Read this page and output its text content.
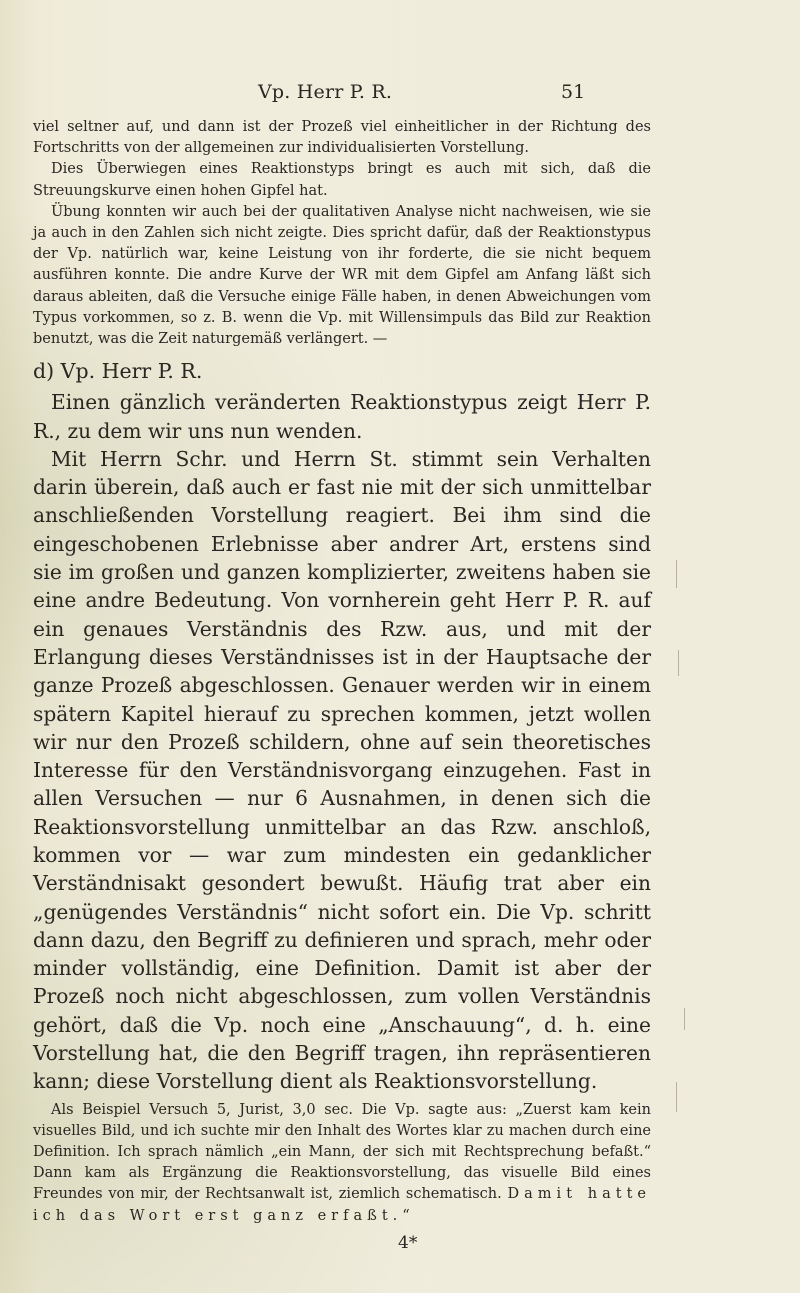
Vp. Herr P. R.	51

viel seltner auf, und dann ist der Prozeß viel einheitlicher in der Richtung des Fortschritts von der allgemeinen zur individualisierten Vorstellung.

Dies Überwiegen eines Reaktionstyps bringt es auch mit sich, daß die Streuungskurve einen hohen Gipfel hat.

Übung konnten wir auch bei der qualitativen Analyse nicht nachweisen, wie sie ja auch in den Zahlen sich nicht zeigte. Dies spricht dafür, daß der Reaktionstypus der Vp. natürlich war, keine Leistung von ihr forderte, die sie nicht bequem ausführen konnte. Die andre Kurve der WR mit dem Gipfel am Anfang läßt sich daraus ableiten, daß die Versuche einige Fälle haben, in denen Abweichungen vom Typus vorkommen, so z. B. wenn die Vp. mit Willensimpuls das Bild zur Reaktion benutzt, was die Zeit naturgemäß verlängert. —

d) Vp. Herr P. R.

Einen gänzlich veränderten Reaktionstypus zeigt Herr P. R., zu dem wir uns nun wenden.

Mit Herrn Schr. und Herrn St. stimmt sein Verhalten darin überein, daß auch er fast nie mit der sich unmittelbar anschließenden Vorstellung reagiert. Bei ihm sind die eingeschobenen Erlebnisse aber andrer Art, erstens sind sie im großen und ganzen komplizierter, zweitens haben sie eine andre Bedeutung. Von vornherein geht Herr P. R. auf ein genaues Verständnis des Rzw. aus, und mit der Erlangung dieses Verständnisses ist in der Hauptsache der ganze Prozeß abgeschlossen. Genauer werden wir in einem spätern Kapitel hierauf zu sprechen kommen, jetzt wollen wir nur den Prozeß schildern, ohne auf sein theoretisches Interesse für den Verständnisvorgang einzugehen. Fast in allen Versuchen — nur 6 Ausnahmen, in denen sich die Reaktionsvorstellung unmittelbar an das Rzw. anschloß, kommen vor — war zum mindesten ein gedanklicher Verständnisakt gesondert bewußt. Häufig trat aber ein „genügendes Verständnis“ nicht sofort ein. Die Vp. schritt dann dazu, den Begriff zu definieren und sprach, mehr oder minder vollständig, eine Definition. Damit ist aber der Prozeß noch nicht abgeschlossen, zum vollen Verständnis gehört, daß die Vp. noch eine „Anschauung“, d. h. eine Vorstellung hat, die den Begriff tragen, ihn repräsentieren kann; diese Vorstellung dient als Reaktionsvorstellung.

Als Beispiel Versuch 5, Jurist, 3,0 sec. Die Vp. sagte aus: „Zuerst kam kein visuelles Bild, und ich suchte mir den Inhalt des Wortes klar zu machen durch eine Definition. Ich sprach nämlich „ein Mann, der sich mit Rechtsprechung befaßt.“ Dann kam als Ergänzung die Reaktionsvorstellung, das visuelle Bild eines Freundes von mir, der Rechtsanwalt ist, ziemlich schematisch. Damit hatte ich das Wort erst ganz erfaßt.“

4*
